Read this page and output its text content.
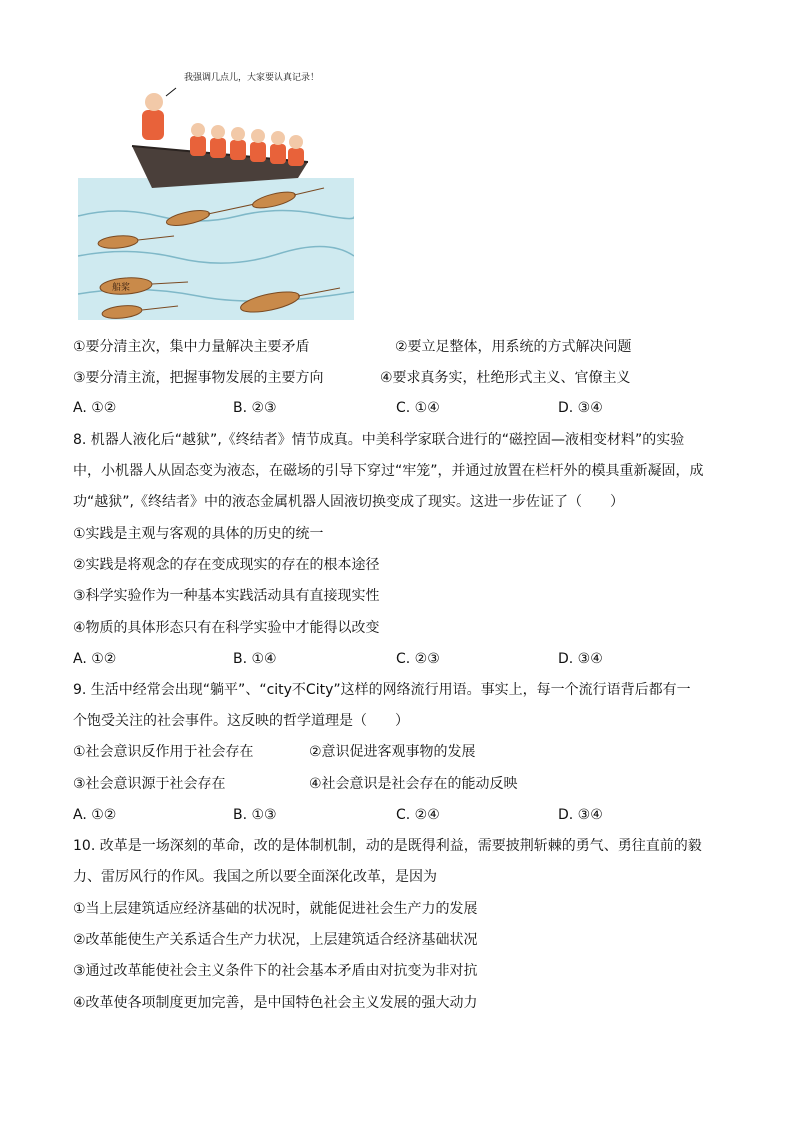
我强调几点儿，大家要认真记录！
船桨
①要分清主次，集中力量解决主要矛盾	②要立足整体，用系统的方式解决问题
③要分清主流，把握事物发展的主要方向	④要求真务实，杜绝形式主义、官僚主义
A. ①②	B. ②③	C. ①④	D. ③④
8. 机器人液化后“越狱”,《终结者》情节成真。中美科学家联合进行的“磁控固—液相变材料”的实验
中，小机器人从固态变为液态，在磁场的引导下穿过“牢笼”，并通过放置在栏杆外的模具重新凝固，成
功“越狱”,《终结者》中的液态金属机器人固液切换变成了现实。这进一步佐证了（　　）
①实践是主观与客观的具体的历史的统一
②实践是将观念的存在变成现实的存在的根本途径
③科学实验作为一种基本实践活动具有直接现实性
④物质的具体形态只有在科学实验中才能得以改变
A. ①②	B. ①④	C. ②③	D. ③④
9. 生活中经常会出现“躺平”、“city不City”这样的网络流行用语。事实上，每一个流行语背后都有一
个饱受关注的社会事件。这反映的哲学道理是（　　）
①社会意识反作用于社会存在	②意识促进客观事物的发展
③社会意识源于社会存在	④社会意识是社会存在的能动反映
A. ①②	B. ①③	C. ②④	D. ③④
10. 改革是一场深刻的革命，改的是体制机制，动的是既得利益，需要披荆斩棘的勇气、勇往直前的毅
力、雷厉风行的作风。我国之所以要全面深化改革，是因为
①当上层建筑适应经济基础的状况时，就能促进社会生产力的发展
②改革能使生产关系适合生产力状况，上层建筑适合经济基础状况
③通过改革能使社会主义条件下的社会基本矛盾由对抗变为非对抗
④改革使各项制度更加完善，是中国特色社会主义发展的强大动力
